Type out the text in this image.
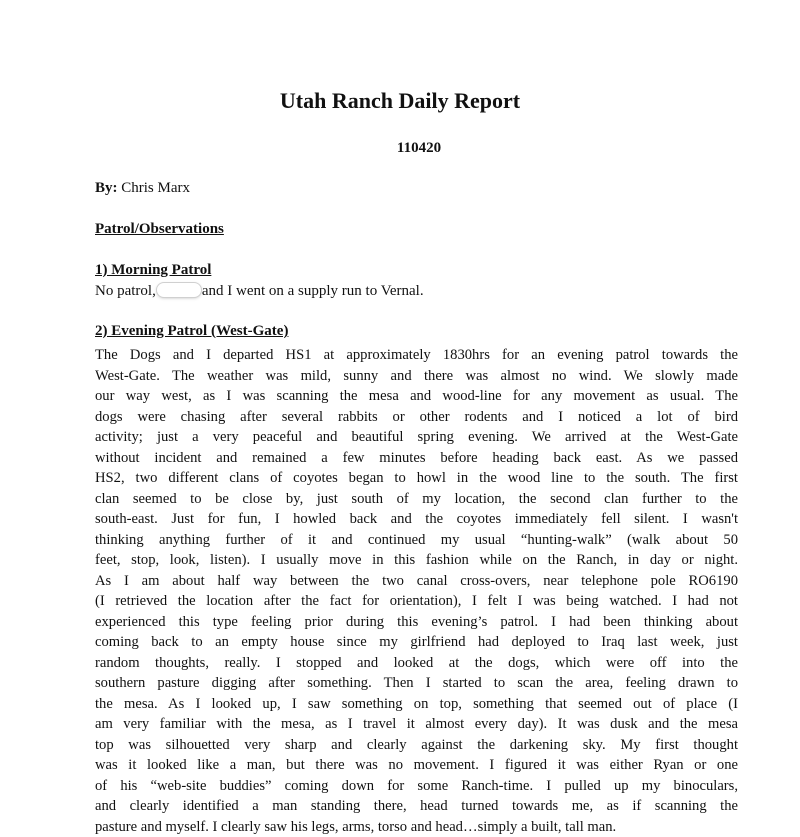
Utah Ranch Daily Report
110420
By: Chris Marx
Patrol/Observations
1) Morning Patrol
No patrol,	and I went on a supply run to Vernal.
2) Evening Patrol (West-Gate)
The Dogs and I departed HS1 at approximately 1830hrs for an evening patrol towards the
West-Gate. The weather was mild, sunny and there was almost no wind. We slowly made
our way west, as I was scanning the mesa and wood-line for any movement as usual. The
dogs were chasing after several rabbits or other rodents and I noticed a lot of bird
activity; just a very peaceful and beautiful spring evening. We arrived at the West-Gate
without incident and remained a few minutes before heading back east. As we passed
HS2, two different clans of coyotes began to howl in the wood line to the south. The first
clan seemed to be close by, just south of my location, the second clan further to the
south-east. Just for fun, I howled back and the coyotes immediately fell silent. I wasn't
thinking anything further of it and continued my usual “hunting-walk” (walk about 50
feet, stop, look, listen). I usually move in this fashion while on the Ranch, in day or night.
As I am about half way between the two canal cross-overs, near telephone pole RO6190
(I retrieved the location after the fact for orientation), I felt I was being watched. I had not
experienced this type feeling prior during this evening’s patrol. I had been thinking about
coming back to an empty house since my girlfriend had deployed to Iraq last week, just
random thoughts, really. I stopped and looked at the dogs, which were off into the
southern pasture digging after something. Then I started to scan the area, feeling drawn to
the mesa. As I looked up, I saw something on top, something that seemed out of place (I
am very familiar with the mesa, as I travel it almost every day). It was dusk and the mesa
top was silhouetted very sharp and clearly against the darkening sky. My first thought
was it looked like a man, but there was no movement. I figured it was either Ryan or one
of his “web-site buddies” coming down for some Ranch-time. I pulled up my binoculars,
and clearly identified a man standing there, head turned towards me, as if scanning the
pasture and myself. I clearly saw his legs, arms, torso and head…simply a built, tall man.
